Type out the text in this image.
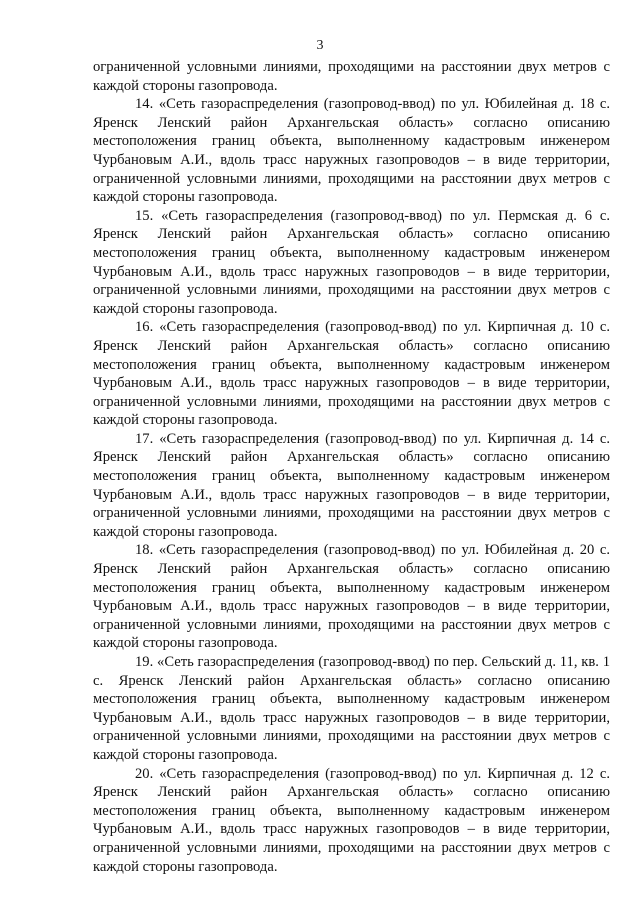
3

ограниченной условными линиями, проходящими на расстоянии двух метров с каждой стороны газопровода.

14. «Сеть газораспределения (газопровод-ввод) по ул. Юбилейная д. 18 с. Яренск Ленский район Архангельская область» согласно описанию местоположения границ объекта, выполненному кадастровым инженером Чурбановым А.И., вдоль трасс наружных газопроводов – в виде территории, ограниченной условными линиями, проходящими на расстоянии двух метров с каждой стороны газопровода.

15. «Сеть газораспределения (газопровод-ввод) по ул. Пермская д. 6 с. Яренск Ленский район Архангельская область» согласно описанию местоположения границ объекта, выполненному кадастровым инженером Чурбановым А.И., вдоль трасс наружных газопроводов – в виде территории, ограниченной условными линиями, проходящими на расстоянии двух метров с каждой стороны газопровода.

16. «Сеть газораспределения (газопровод-ввод) по ул. Кирпичная д. 10 с. Яренск Ленский район Архангельская область» согласно описанию местоположения границ объекта, выполненному кадастровым инженером Чурбановым А.И., вдоль трасс наружных газопроводов – в виде территории, ограниченной условными линиями, проходящими на расстоянии двух метров с каждой стороны газопровода.

17. «Сеть газораспределения (газопровод-ввод) по ул. Кирпичная д. 14 с. Яренск Ленский район Архангельская область» согласно описанию местоположения границ объекта, выполненному кадастровым инженером Чурбановым А.И., вдоль трасс наружных газопроводов – в виде территории, ограниченной условными линиями, проходящими на расстоянии двух метров с каждой стороны газопровода.

18. «Сеть газораспределения (газопровод-ввод) по ул. Юбилейная д. 20 с. Яренск Ленский район Архангельская область» согласно описанию местоположения границ объекта, выполненному кадастровым инженером Чурбановым А.И., вдоль трасс наружных газопроводов – в виде территории, ограниченной условными линиями, проходящими на расстоянии двух метров с каждой стороны газопровода.

19. «Сеть газораспределения (газопровод-ввод) по пер. Сельский д. 11, кв. 1 с. Яренск Ленский район Архангельская область» согласно описанию местоположения границ объекта, выполненному кадастровым инженером Чурбановым А.И., вдоль трасс наружных газопроводов – в виде территории, ограниченной условными линиями, проходящими на расстоянии двух метров с каждой стороны газопровода.

20. «Сеть газораспределения (газопровод-ввод) по ул. Кирпичная д. 12 с. Яренск Ленский район Архангельская область» согласно описанию местоположения границ объекта, выполненному кадастровым инженером Чурбановым А.И., вдоль трасс наружных газопроводов – в виде территории, ограниченной условными линиями, проходящими на расстоянии двух метров с каждой стороны газопровода.
